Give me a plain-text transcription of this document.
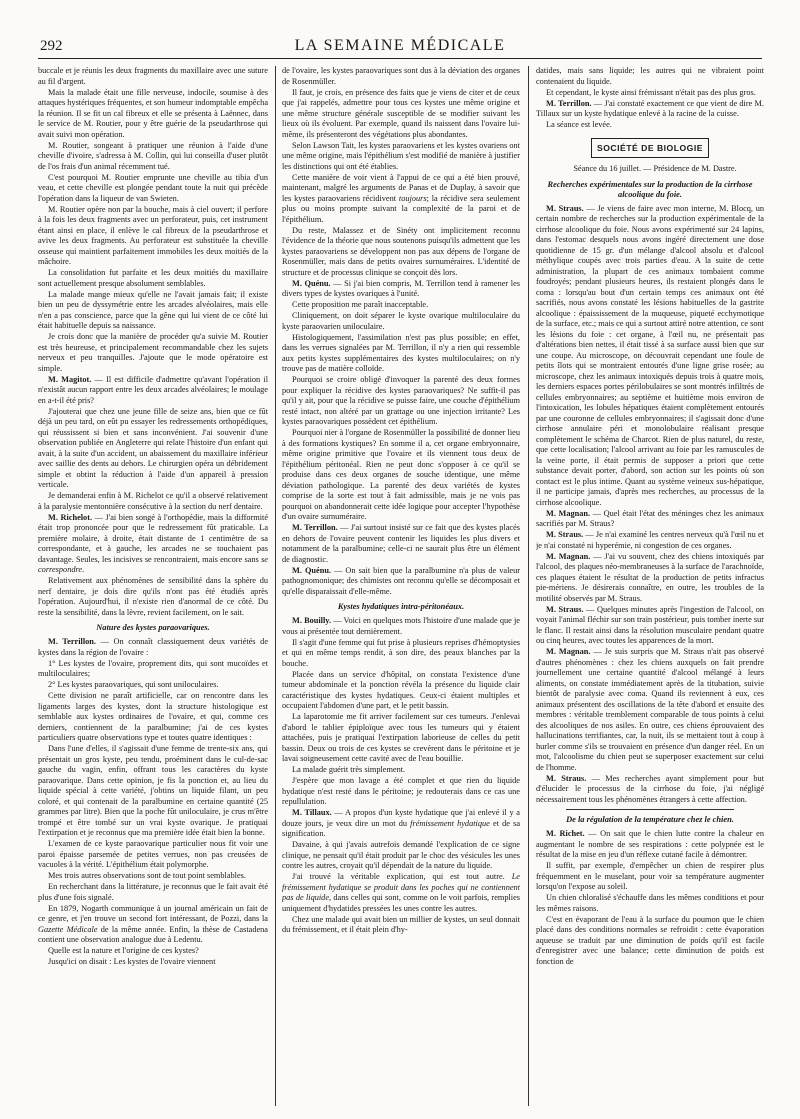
292	LA SEMAINE MÉDICALE

buccale et je réunis les deux fragments du maxillaire avec une suture au fil d'argent.

Mais la malade était une fille nerveuse, indocile, soumise à des attaques hystériques fréquentes, et son humeur indomptable empêcha la réunion. Il se fit un cal fibreux et elle se présenta à Laënnec, dans le service de M. Routier, pour y être guérie de la pseudarthrose qui avait suivi mon opération.

M. Routier, songeant à pratiquer une réunion à l'aide d'une cheville d'ivoire, s'adressa à M. Collin, qui lui conseilla d'user plutôt de l'os frais d'un animal récemment tué.

C'est pourquoi M. Routier emprunte une cheville au tibia d'un veau, et cette cheville est plongée pendant toute la nuit qui précède l'opération dans la liqueur de van Swieten.

M. Routier opère non par la bouche, mais à ciel ouvert; il perfore à la fois les deux fragments avec un perforateur, puis, cet instrument étant ainsi en place, il enlève le cal fibreux de la pseudarthrose et avive les deux fragments. Au perforateur est substituée la cheville osseuse qui maintient parfaitement immobiles les deux moitiés de la mâchoire.

La consolidation fut parfaite et les deux moitiés du maxillaire sont actuellement presque absolument semblables.

La malade mange mieux qu'elle ne l'avait jamais fait; il existe bien un peu de dyssymétrie entre les arcades alvéolaires, mais elle n'en a pas conscience, parce que la gêne qui lui vient de ce côté lui était habituelle depuis sa naissance.

Je crois donc que la manière de procéder qu'a suivie M. Routier est très heureuse, et principalement recommandable chez les sujets nerveux et peu tranquilles. J'ajoute que le mode opératoire est simple.

M. Magitot. — Il est difficile d'admettre qu'avant l'opération il n'existât aucun rapport entre les deux arcades alvéolaires; le moulage en a-t-il été pris?

J'ajouterai que chez une jeune fille de seize ans, bien que ce fût déjà un peu tard, on eût pu essayer les redressements orthopédiques, qui réussissent si bien et sans inconvénient. J'ai souvenir d'une observation publiée en Angleterre qui relate l'histoire d'un enfant qui avait, à la suite d'un accident, un abaissement du maxillaire inférieur avec saillie des dents au dehors. Le chirurgien opéra un débridement simple et obtint la réduction à l'aide d'un appareil à pression verticale.

Je demanderai enfin à M. Richelot ce qu'il a observé relativement à la paralysie mentonnière consécutive à la section du nerf dentaire.

M. Richelot. — J'ai bien songé à l'orthopédie, mais la difformité était trop prononcée pour que le redressement fût praticable. La première molaire, à droite, était distante de 1 centimètre de sa correspondante, et à gauche, les arcades ne se touchaient pas davantage. Seules, les incisives se rencontraient, mais encore sans se correspondre.

Relativement aux phénomènes de sensibilité dans la sphère du nerf dentaire, je dois dire qu'ils n'ont pas été étudiés après l'opération. Aujourd'hui, il n'existe rien d'anormal de ce côté. Du reste la sensibilité, dans la lèvre, revient facilement, on le sait.

Nature des kystes paraovariques.

M. Terrillon. — On connaît classiquement deux variétés de kystes dans la région de l'ovaire :

1° Les kystes de l'ovaire, proprement dits, qui sont mucoïdes et multiloculaires;

2° Les kystes paraovariques, qui sont uniloculaires.

Cette division ne paraît artificielle, car on rencontre dans les ligaments larges des kystes, dont la structure histologique est semblable aux kystes ordinaires de l'ovaire, et qui, comme ces derniers, contiennent de la paralbumine; j'ai de ces kystes particuliers quatre observations type et toutes quatre identiques :

Dans l'une d'elles, il s'agissait d'une femme de trente-six ans, qui présentait un gros kyste, peu tendu, proéminent dans le cul-de-sac gauche du vagin, enfin, offrant tous les caractères du kyste paraovarique. Dans cette opinion, je fis la ponction et, au lieu du liquide spécial à cette variété, j'obtins un liquide filant, un peu coloré, et qui contenait de la paralbumine en certaine quantité (25 grammes par litre). Bien que la poche fût uniloculaire, je crus m'être trompé et être tombé sur un vrai kyste ovarique. Je pratiquai l'extirpation et je reconnus que ma première idée était bien la bonne.

L'examen de ce kyste paraovarique particulier nous fit voir une paroi épaisse parsemée de petites verrues, non pas creusées de vacuoles à la vérité. L'épithélium était polymorphe.

Mes trois autres observations sont de tout point semblables.

En recherchant dans la littérature, je reconnus que le fait avait été plus d'une fois signalé.

En 1879, Nogarth communique à un journal américain un fait de ce genre, et j'en trouve un second fort intéressant, de Pozzi, dans la Gazette Médicale de la même année. Enfin, la thèse de Castadena contient une observation analogue due à Ledentu.

Quelle est la nature et l'origine de ces kystes?

Jusqu'ici on disait : Les kystes de l'ovaire viennent

de l'ovaire, les kystes paraovariques sont dus à la déviation des organes de Rosenmüller.

Il faut, je crois, en présence des faits que je viens de citer et de ceux que j'ai rappelés, admettre pour tous ces kystes une même origine et une même structure générale susceptible de se modifier suivant les lieux où ils évoluent. Par exemple, quand ils naissent dans l'ovaire lui-même, ils présenteront des végétations plus abondantes.

Selon Lawson Tait, les kystes paraovariens et les kystes ovariens ont une même origine, mais l'épithélium s'est modifié de manière à justifier les distinctions qui ont été établies.

Cette manière de voir vient à l'appui de ce qui a été bien prouvé, maintenant, malgré les arguments de Panas et de Duplay, à savoir que les kystes paraovariens récidivent toujours; la récidive sera seulement plus ou moins prompte suivant la complexité de la paroi et de l'épithélium.

Du reste, Malassez et de Sinéty ont implicitement reconnu l'évidence de la théorie que nous soutenons puisqu'ils admettent que les kystes paraovariens se développent non pas aux dépens de l'organe de Rosenmüller, mais dans de petits ovaires surnuméraires. L'identité de structure et de processus clinique se conçoit dès lors.

M. Quénu. — Si j'ai bien compris, M. Terrillon tend à ramener les divers types de kystes ovariques à l'unité.

Cette proposition me paraît inacceptable.

Cliniquement, on doit séparer le kyste ovarique multiloculaire du kyste paraovarien uniloculaire.

Histologiquement, l'assimilation n'est pas plus possible; en effet, dans les verrues signalées par M. Terrillon, il n'y a rien qui ressemble aux petits kystes supplémentaires des kystes multiloculaires; on n'y trouve pas de matière colloïde.

Pourquoi se croire obligé d'invoquer la parenté des deux formes pour expliquer la récidive des kystes paraovariques? Ne suffit-il pas qu'il y ait, pour que la récidive se puisse faire, une couche d'épithélium resté intact, non altéré par un grattage ou une injection irritante? Les kystes paraovariques possèdent cet épithélium.

Pourquoi nier à l'organe de Rosenmüller la possibilité de donner lieu à des formations kystiques? En somme il a, cet organe embryonnaire, même origine primitive que l'ovaire et ils viennent tous deux de l'épithélium péritonéal. Rien ne peut donc s'opposer à ce qu'il se produise dans ces deux organes de souche identique, une même déviation pathologique. La parenté des deux variétés de kystes comprise de la sorte est tout à fait admissible, mais je ne vois pas pourquoi on abandonnerait cette idée logique pour accepter l'hypothèse d'un ovaire surnuméraire.

M. Terrillon. — J'ai surtout insisté sur ce fait que des kystes placés en dehors de l'ovaire peuvent contenir les liquides les plus divers et notamment de la paralbumine; celle-ci ne saurait plus être un élément de diagnostic.

M. Quénu. — On sait bien que la paralbumine n'a plus de valeur pathognomonique; des chimistes ont reconnu qu'elle se décomposait et qu'elle disparaissait d'elle-même.

Kystes hydatiques intra-péritonéaux.

M. Bouilly. — Voici en quelques mots l'histoire d'une malade que je vous ai présentée tout dernièrement.

Il s'agit d'une femme qui fut prise à plusieurs reprises d'hémoptysies et qui en même temps rendit, à son dire, des peaux blanches par la bouche.

Placée dans un service d'hôpital, on constata l'existence d'une tumeur abdominale et la ponction révéla la présence du liquide clair caractéristique des kystes hydatiques. Ceux-ci étaient multiples et occupaient l'abdomen d'une part, et le petit bassin.

La laparotomie me fit arriver facilement sur ces tumeurs. J'enlevai d'abord le tablier épiploïque avec tous les tumeurs qui y étaient attachées, puis je pratiquai l'extirpation laborieuse de celles du petit bassin. Deux ou trois de ces kystes se crevèrent dans le péritoine et je lavai soigneusement cette cavité avec de l'eau bouillie.

La malade guérit très simplement.

J'espère que mon lavage a été complet et que rien du liquide hydatique n'est resté dans le péritoine; je redouterais dans ce cas une repullulation.

M. Tillaux. — A propos d'un kyste hydatique que j'ai enlevé il y a douze jours, je veux dire un mot du frémissement hydatique et de sa signification.

Davaine, à qui j'avais autrefois demandé l'explication de ce signe clinique, ne pensait qu'il était produit par le choc des vésicules les unes contre les autres, croyait qu'il dépendait de la nature du liquide.

J'ai trouvé la véritable explication, qui est tout autre. Le frémissement hydatique se produit dans les poches qui ne contiennent pas de liquide, dans celles qui sont, comme on le voit parfois, remplies uniquement d'hydatides pressées les unes contre les autres.

Chez une malade qui avait bien un millier de kystes, un seul donnait du frémissement, et il était plein d'hy-

datides, mais sans liquide; les autres qui ne vibraient point contenaient du liquide.

Et cependant, le kyste ainsi frémissant n'était pas des plus gros.

M. Terrillon. — J'ai constaté exactement ce que vient de dire M. Tillaux sur un kyste hydatique enlevé à la racine de la cuisse.

La séance est levée.

SOCIÉTÉ DE BIOLOGIE

Séance du 16 juillet. — Présidence de M. Dastre.

Recherches expérimentales sur la production de la cirrhose alcoolique du foie.

M. Straus. — Je viens de faire avec mon interne, M. Blocq, un certain nombre de recherches sur la production expérimentale de la cirrhose alcoolique du foie. Nous avons expérimenté sur 24 lapins, dans l'estomac desquels nous avons ingéré directement une dose quotidienne de 15 gr. d'un mélange d'alcool absolu et d'alcool méthylique coupés avec trois parties d'eau. A la suite de cette administration, la plupart de ces animaux tombaient comme foudroyés; pendant plusieurs heures, ils restaient plongés dans le coma : lorsqu'au bout d'un certain temps ces animaux ont été sacrifiés, nous avons constaté les lésions habituelles de la gastrite alcoolique : épaississement de la muqueuse, piqueté ecchymotique de la surface, etc.; mais ce qui a surtout attiré notre attention, ce sont les lésions du foie : cet organe, à l'œil nu, ne présentait pas d'altérations bien nettes, il était tissé à sa surface aussi bien que sur une coupe. Au microscope, on découvrait cependant une foule de petits îlots qui se montraient entourés d'une ligne grise rosée; au microscope, chez les animaux intoxiqués depuis trois à quatre mois, les derniers espaces portes périlobulaires se sont montrés infiltrés de cellules embryonnaires; au septième et huitième mois environ de l'intoxication, les lobules hépatiques étaient complètement entourés par une couronne de cellules embryonnaires; il s'agissait donc d'une cirrhose annulaire péri et monolobulaire réalisant presque complètement le schéma de Charcot. Rien de plus naturel, du reste, que cette localisation; l'alcool arrivant au foie par les ramuscules de la veine porte, il était permis de supposer a priori que cette substance devait porter, d'abord, son action sur les points où son contact est le plus intime. Quant au système veineux sus-hépatique, il ne participe jamais, d'après mes recherches, au processus de la cirrhose alcoolique.

M. Magnan. — Quel était l'état des méninges chez les animaux sacrifiés par M. Straus?

M. Straus. — Je n'ai examiné les centres nerveux qu'à l'œil nu et je n'ai constaté ni hyperémie, ni congestion de ces organes.

M. Magnan. — J'ai vu souvent, chez des chiens intoxiqués par l'alcool, des plaques néo-membraneuses à la surface de l'arachnoïde, ces plaques étaient le résultat de la production de petits infractus pie-mériens. Je désirerais connaître, en outre, les troubles de la motilité observés par M. Straus.

M. Straus. — Quelques minutes après l'ingestion de l'alcool, on voyait l'animal fléchir sur son train postérieur, puis tomber inerte sur le flanc. Il restait ainsi dans la résolution musculaire pendant quatre ou cinq heures, avec toutes les apparences de la mort.

M. Magnan. — Je suis surpris que M. Straus n'ait pas observé d'autres phénomènes : chez les chiens auxquels on fait prendre journellement une certaine quantité d'alcool mélangé à leurs aliments, on constate immédiatement après de la titubation, suivie bientôt de paralysie avec coma. Quand ils reviennent à eux, ces animaux présentent des oscillations de la tête d'abord et ensuite des membres : véritable tremblement comparable de tous points à celui des alcooliques de nos asiles. En outre, ces chiens éprouvaient des hallucinations terrifiantes, car, la nuit, ils se mettaient tout à coup à hurler comme s'ils se trouvaient en présence d'un danger réel. En un mot, l'alcoolisme du chien peut se superposer exactement sur celui de l'homme.

M. Straus. — Mes recherches ayant simplement pour but d'élucider le processus de la cirrhose du foie, j'ai négligé nécessairement tous les phénomènes étrangers à cette affection.

De la régulation de la température chez le chien.

M. Richet. — On sait que le chien lutte contre la chaleur en augmentant le nombre de ses respirations : cette polypnée est le résultat de la mise en jeu d'un réflexe cutané facile à démontrer.

Il suffit, par exemple, d'empêcher un chien de respirer plus fréquemment en le muselant, pour voir sa température augmenter lorsqu'on l'expose au soleil.

Un chien chloralisé s'échauffe dans les mêmes conditions et pour les mêmes raisons.

C'est en évaporant de l'eau à la surface du poumon que le chien placé dans des conditions normales se refroidit : cette évaporation aqueuse se traduit par une diminution de poids qu'il est facile d'enregistrer avec une balance; cette diminution de poids est fonction de
